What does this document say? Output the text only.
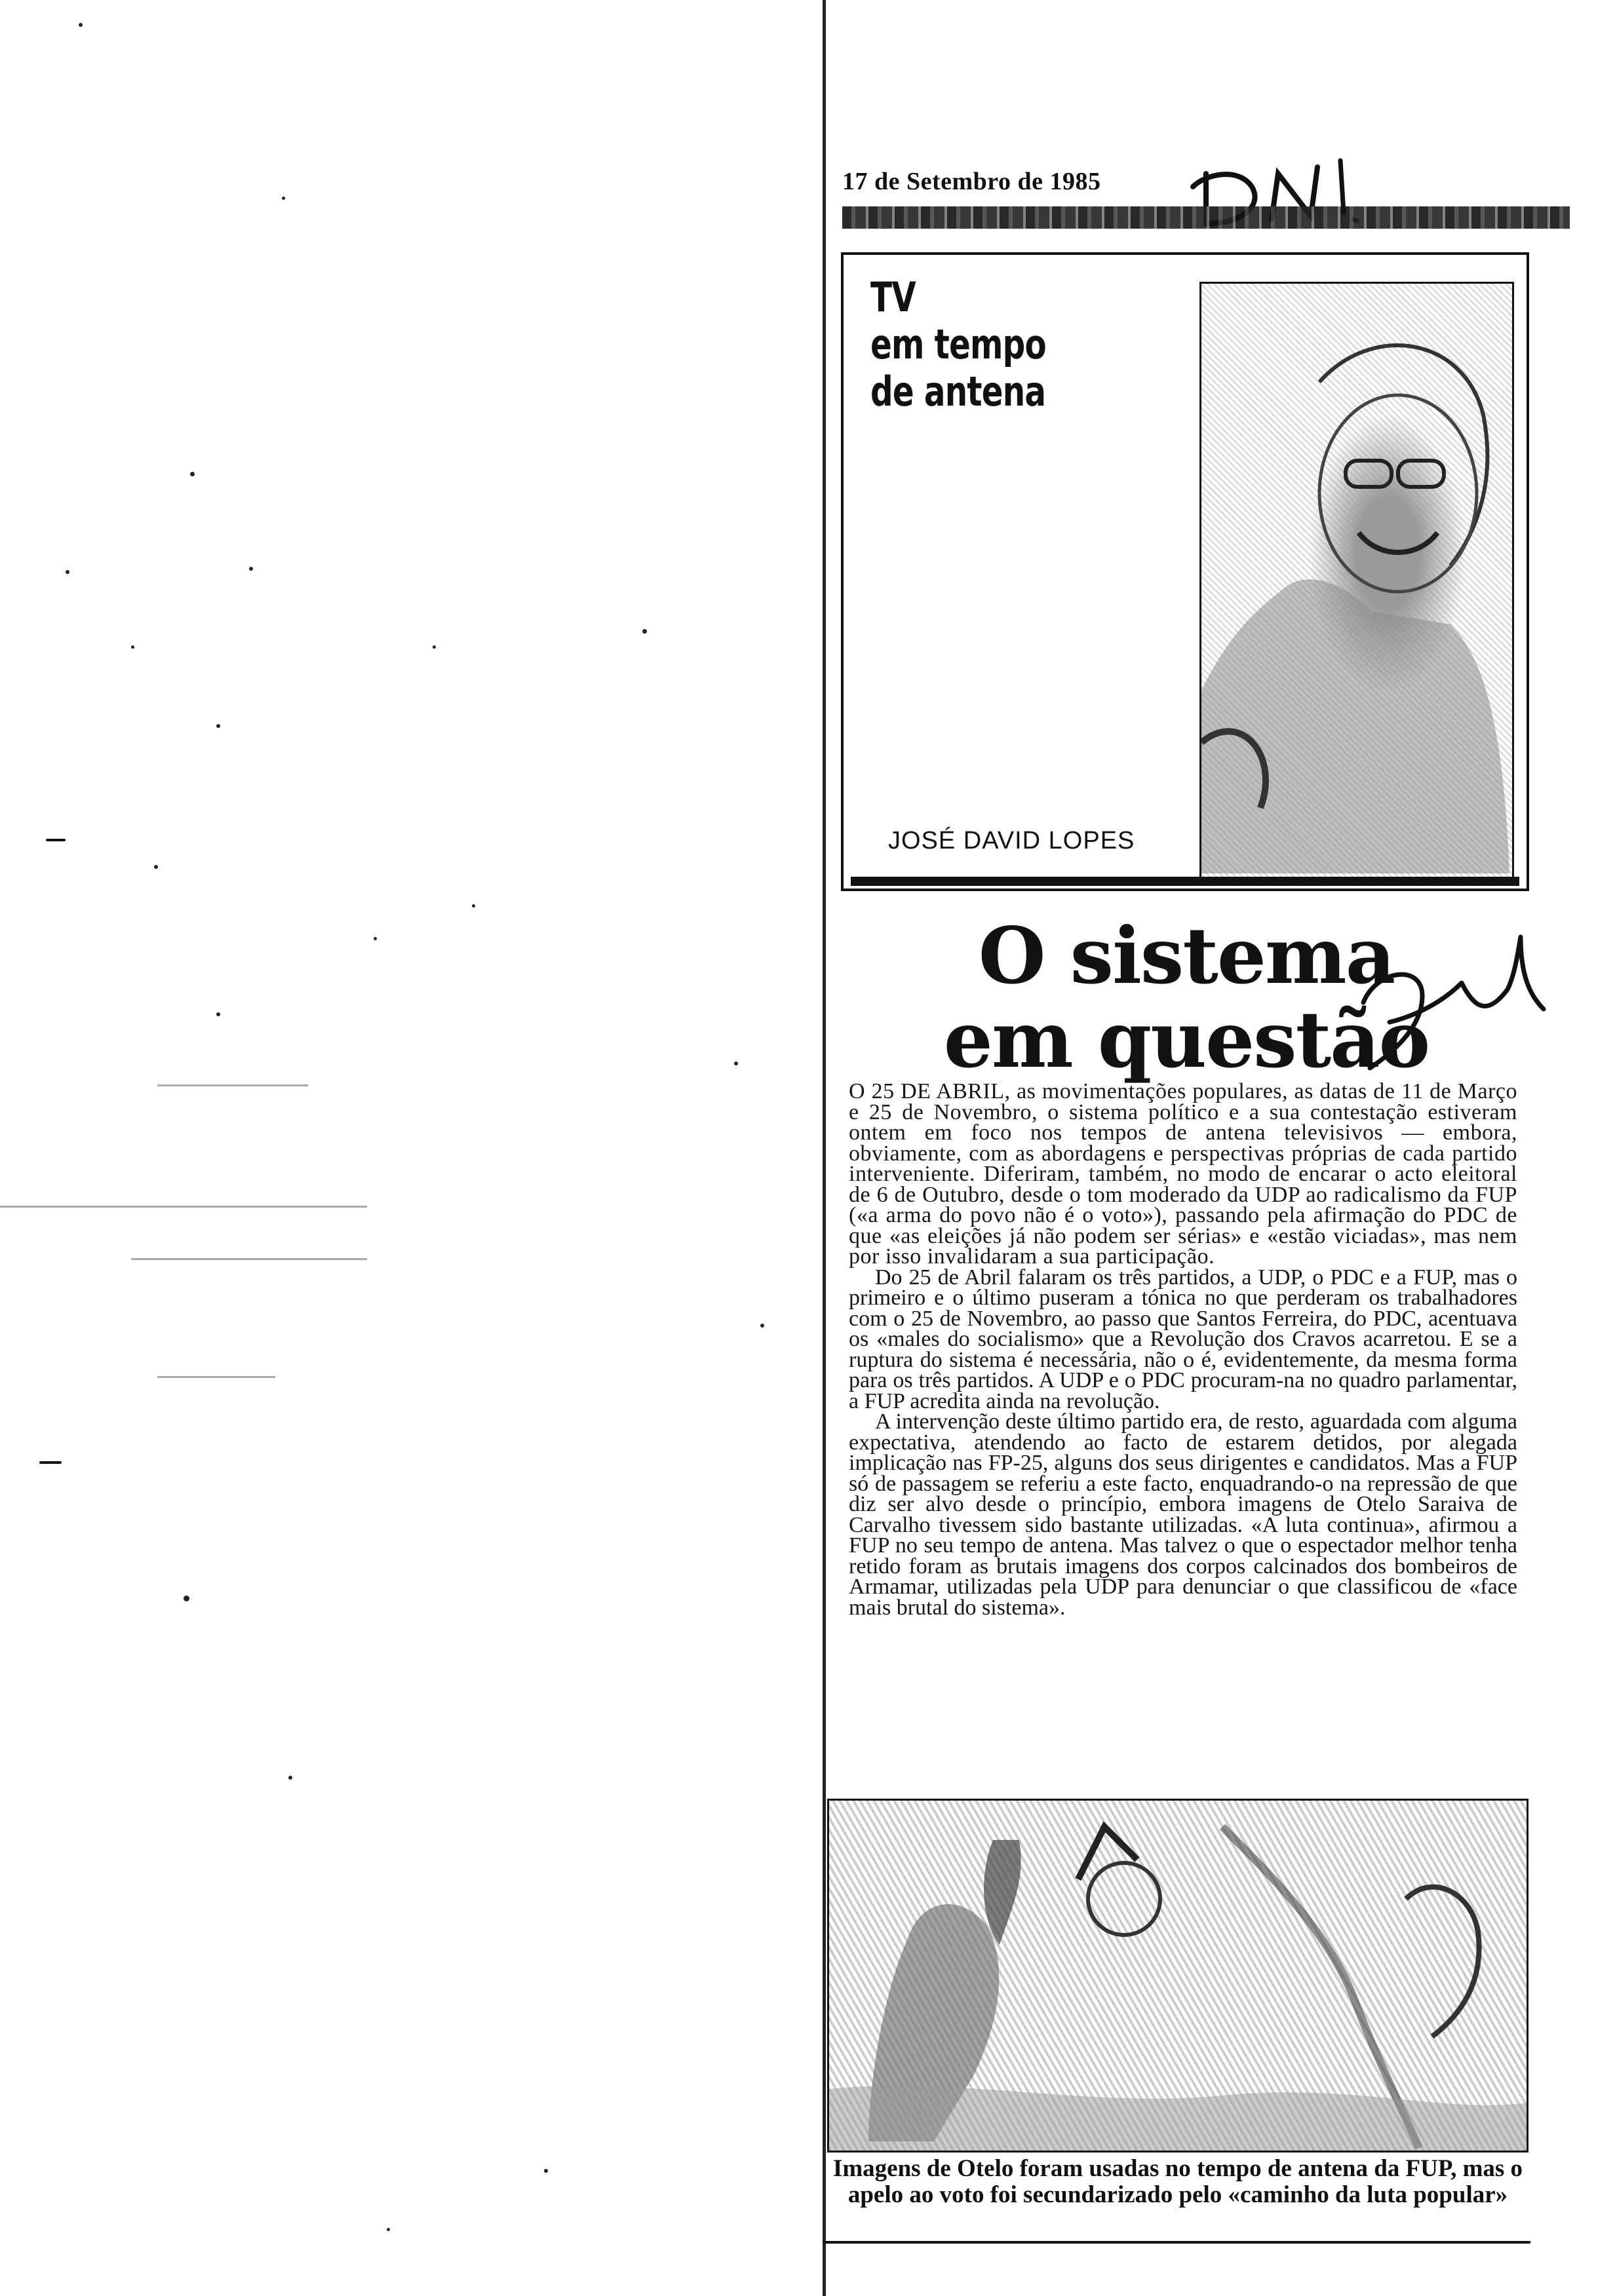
17 de Setembro de 1985
DN
TV
em tempo
de antena
JOSÉ DAVID LOPES
O sistema
em questão

O 25 DE ABRIL, as movimentações populares, as datas de 11 de Março e 25 de Novembro, o sistema político e a sua contestação estiveram ontem em foco nos tempos de antena televisivos — embora, obviamente, com as abordagens e perspectivas próprias de cada partido interveniente. Diferiram, também, no modo de encarar o acto eleitoral de 6 de Outubro, desde o tom moderado da UDP ao radicalismo da FUP («a arma do povo não é o voto»), passando pela afirmação do PDC de que «as eleições já não podem ser sérias» e «estão viciadas», mas nem por isso invalidaram a sua participação.

Do 25 de Abril falaram os três partidos, a UDP, o PDC e a FUP, mas o primeiro e o último puseram a tónica no que perderam os trabalhadores com o 25 de Novembro, ao passo que Santos Ferreira, do PDC, acentuava os «males do socialismo» que a Revolução dos Cravos acarretou. E se a ruptura do sistema é necessária, não o é, evidentemente, da mesma forma para os três partidos. A UDP e o PDC procuram-na no quadro parlamentar, a FUP acredita ainda na revolução.

A intervenção deste último partido era, de resto, aguardada com alguma expectativa, atendendo ao facto de estarem detidos, por alegada implicação nas FP-25, alguns dos seus dirigentes e candidatos. Mas a FUP só de passagem se referiu a este facto, enquadrando-o na repressão de que diz ser alvo desde o princípio, embora imagens de Otelo Saraiva de Carvalho tivessem sido bastante utilizadas. «A luta continua», afirmou a FUP no seu tempo de antena. Mas talvez o que o espectador melhor tenha retido foram as brutais imagens dos corpos calcinados dos bombeiros de Armamar, utilizadas pela UDP para denunciar o que classificou de «face mais brutal do sistema».

Imagens de Otelo foram usadas no tempo de antena da FUP, mas o apelo ao voto foi secundarizado pelo «caminho da luta popular»
